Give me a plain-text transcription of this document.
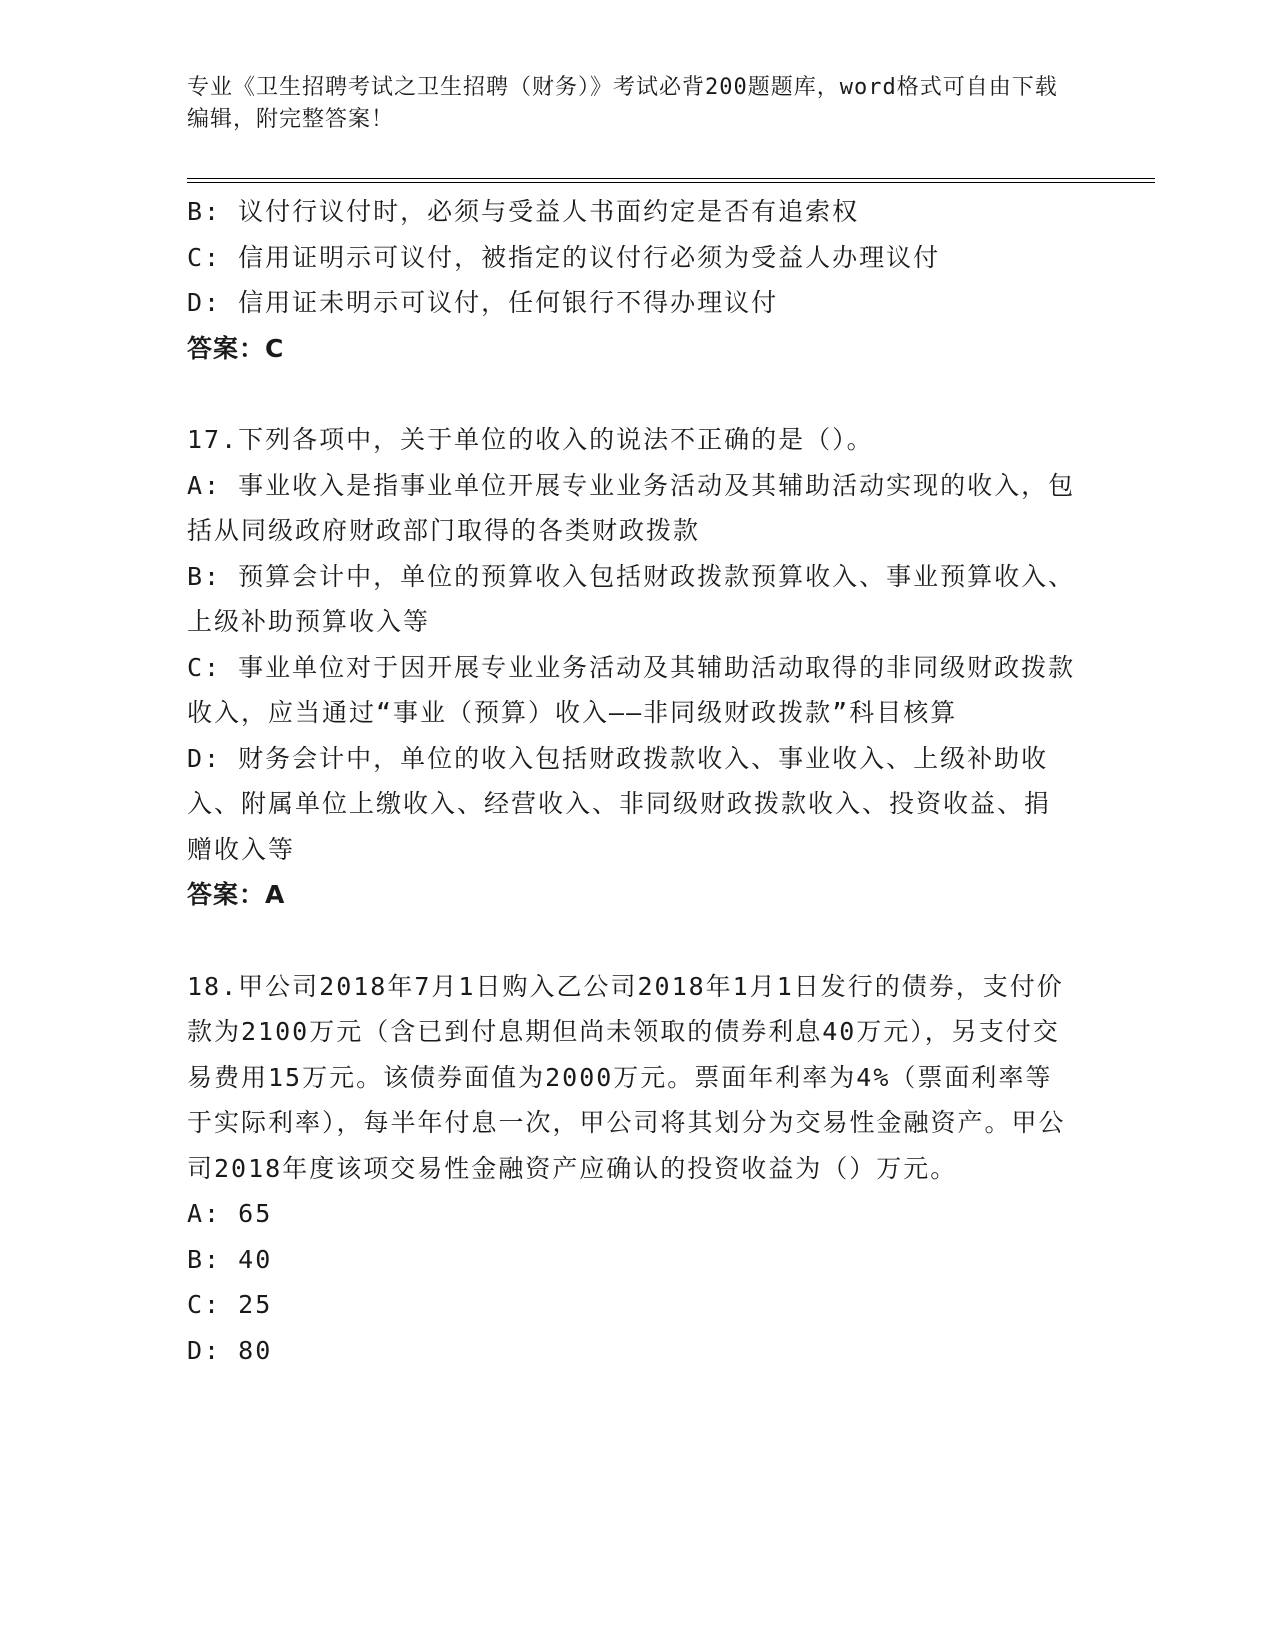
专业《卫生招聘考试之卫生招聘（财务）》考试必背200题题库，word格式可自由下载编辑，附完整答案！

B: 议付行议付时，必须与受益人书面约定是否有追索权

C: 信用证明示可议付，被指定的议付行必须为受益人办理议付

D: 信用证未明示可议付，任何银行不得办理议付

答案：C

17.下列各项中，关于单位的收入的说法不正确的是（）。

A: 事业收入是指事业单位开展专业业务活动及其辅助活动实现的收入，包括从同级政府财政部门取得的各类财政拨款

B: 预算会计中，单位的预算收入包括财政拨款预算收入、事业预算收入、上级补助预算收入等

C: 事业单位对于因开展专业业务活动及其辅助活动取得的非同级财政拨款收入，应当通过“事业（预算）收入——非同级财政拨款”科目核算

D: 财务会计中，单位的收入包括财政拨款收入、事业收入、上级补助收入、附属单位上缴收入、经营收入、非同级财政拨款收入、投资收益、捐赠收入等

答案：A

18.甲公司2018年7月1日购入乙公司2018年1月1日发行的债券，支付价款为2100万元（含已到付息期但尚未领取的债券利息40万元），另支付交易费用15万元。该债券面值为2000万元。票面年利率为4%（票面利率等于实际利率），每半年付息一次，甲公司将其划分为交易性金融资产。甲公司2018年度该项交易性金融资产应确认的投资收益为（）万元。

A: 65

B: 40

C: 25

D: 80
